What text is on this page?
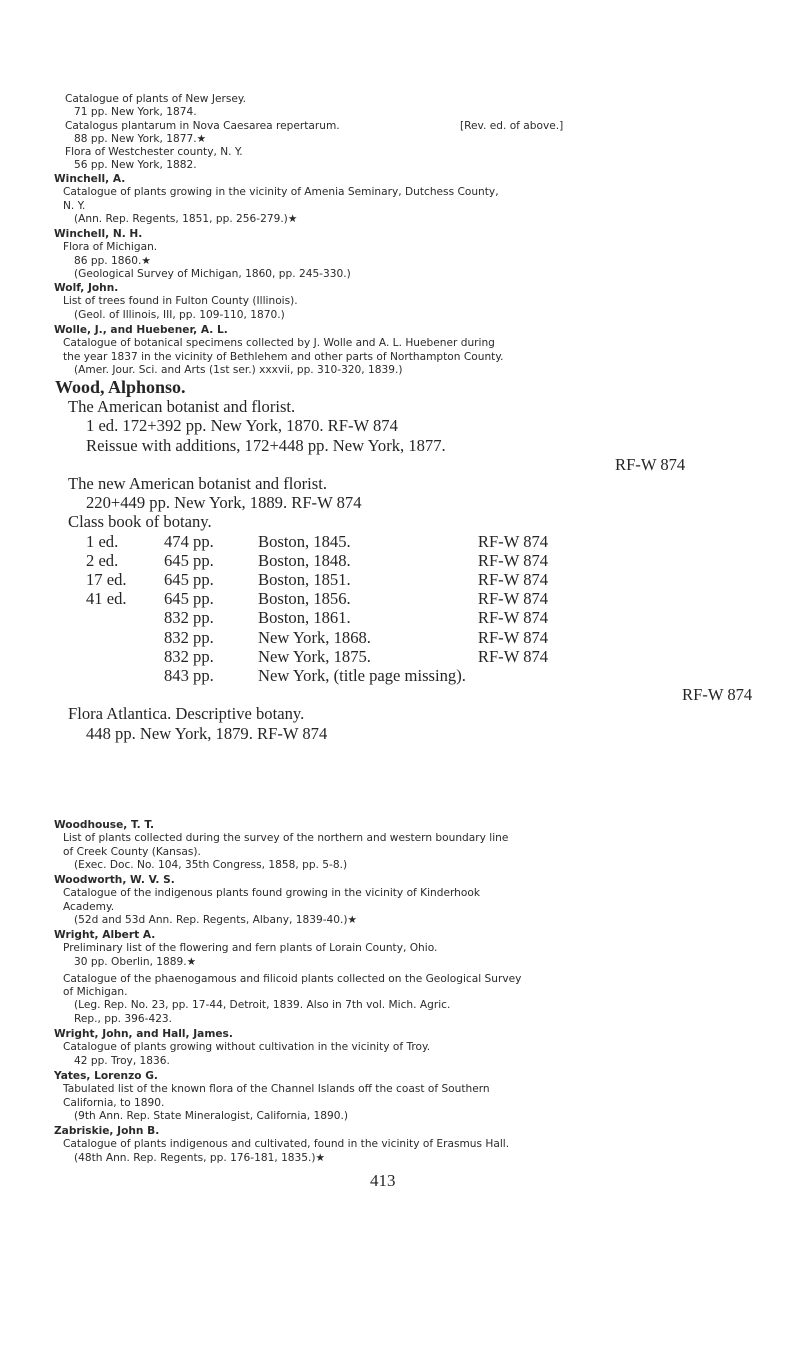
Catalogue of plants of New Jersey.
71 pp. New York, 1874.
Catalogus plantarum in Nova Caesarea repertarum.	[Rev. ed. of above.]
88 pp. New York, 1877.★
Flora of Westchester county, N. Y.
56 pp. New York, 1882.
Winchell, A.
Catalogue of plants growing in the vicinity of Amenia Seminary, Dutchess County,
N. Y.
(Ann. Rep. Regents, 1851, pp. 256-279.)★
Winchell, N. H.
Flora of Michigan.
86 pp. 1860.★
(Geological Survey of Michigan, 1860, pp. 245-330.)
Wolf, John.
List of trees found in Fulton County (Illinois).
(Geol. of Illinois, III, pp. 109-110, 1870.)
Wolle, J., and Huebener, A. L.
Catalogue of botanical specimens collected by J. Wolle and A. L. Huebener during
the year 1837 in the vicinity of Bethlehem and other parts of Northampton County.
(Amer. Jour. Sci. and Arts (1st ser.) xxxvii, pp. 310-320, 1839.)
Wood, Alphonso.
The American botanist and florist.
1 ed. 172+392 pp. New York, 1870. RF-W 874
Reissue with additions, 172+448 pp. New York, 1877.
RF-W 874
The new American botanist and florist.
220+449 pp. New York, 1889. RF-W 874
Class book of botany.
1 ed.	474 pp.	Boston, 1845.	RF-W 874
2 ed.	645 pp.	Boston, 1848.	RF-W 874
17 ed.	645 pp.	Boston, 1851.	RF-W 874
41 ed.	645 pp.	Boston, 1856.	RF-W 874
	832 pp.	Boston, 1861.	RF-W 874
	832 pp.	New York, 1868.	RF-W 874
	832 pp.	New York, 1875.	RF-W 874
	843 pp.	New York, (title page missing).	
RF-W 874
Flora Atlantica. Descriptive botany.
448 pp. New York, 1879. RF-W 874
Woodhouse, T. T.
List of plants collected during the survey of the northern and western boundary line
of Creek County (Kansas).
(Exec. Doc. No. 104, 35th Congress, 1858, pp. 5-8.)
Woodworth, W. V. S.
Catalogue of the indigenous plants found growing in the vicinity of Kinderhook
Academy.
(52d and 53d Ann. Rep. Regents, Albany, 1839-40.)★
Wright, Albert A.
Preliminary list of the flowering and fern plants of Lorain County, Ohio.
30 pp. Oberlin, 1889.★
Catalogue of the phaenogamous and filicoid plants collected on the Geological Survey
of Michigan.
(Leg. Rep. No. 23, pp. 17-44, Detroit, 1839. Also in 7th vol. Mich. Agric.
Rep., pp. 396-423.
Wright, John, and Hall, James.
Catalogue of plants growing without cultivation in the vicinity of Troy.
42 pp. Troy, 1836.
Yates, Lorenzo G.
Tabulated list of the known flora of the Channel Islands off the coast of Southern
California, to 1890.
(9th Ann. Rep. State Mineralogist, California, 1890.)
Zabriskie, John B.
Catalogue of plants indigenous and cultivated, found in the vicinity of Erasmus Hall.
(48th Ann. Rep. Regents, pp. 176-181, 1835.)★
413
